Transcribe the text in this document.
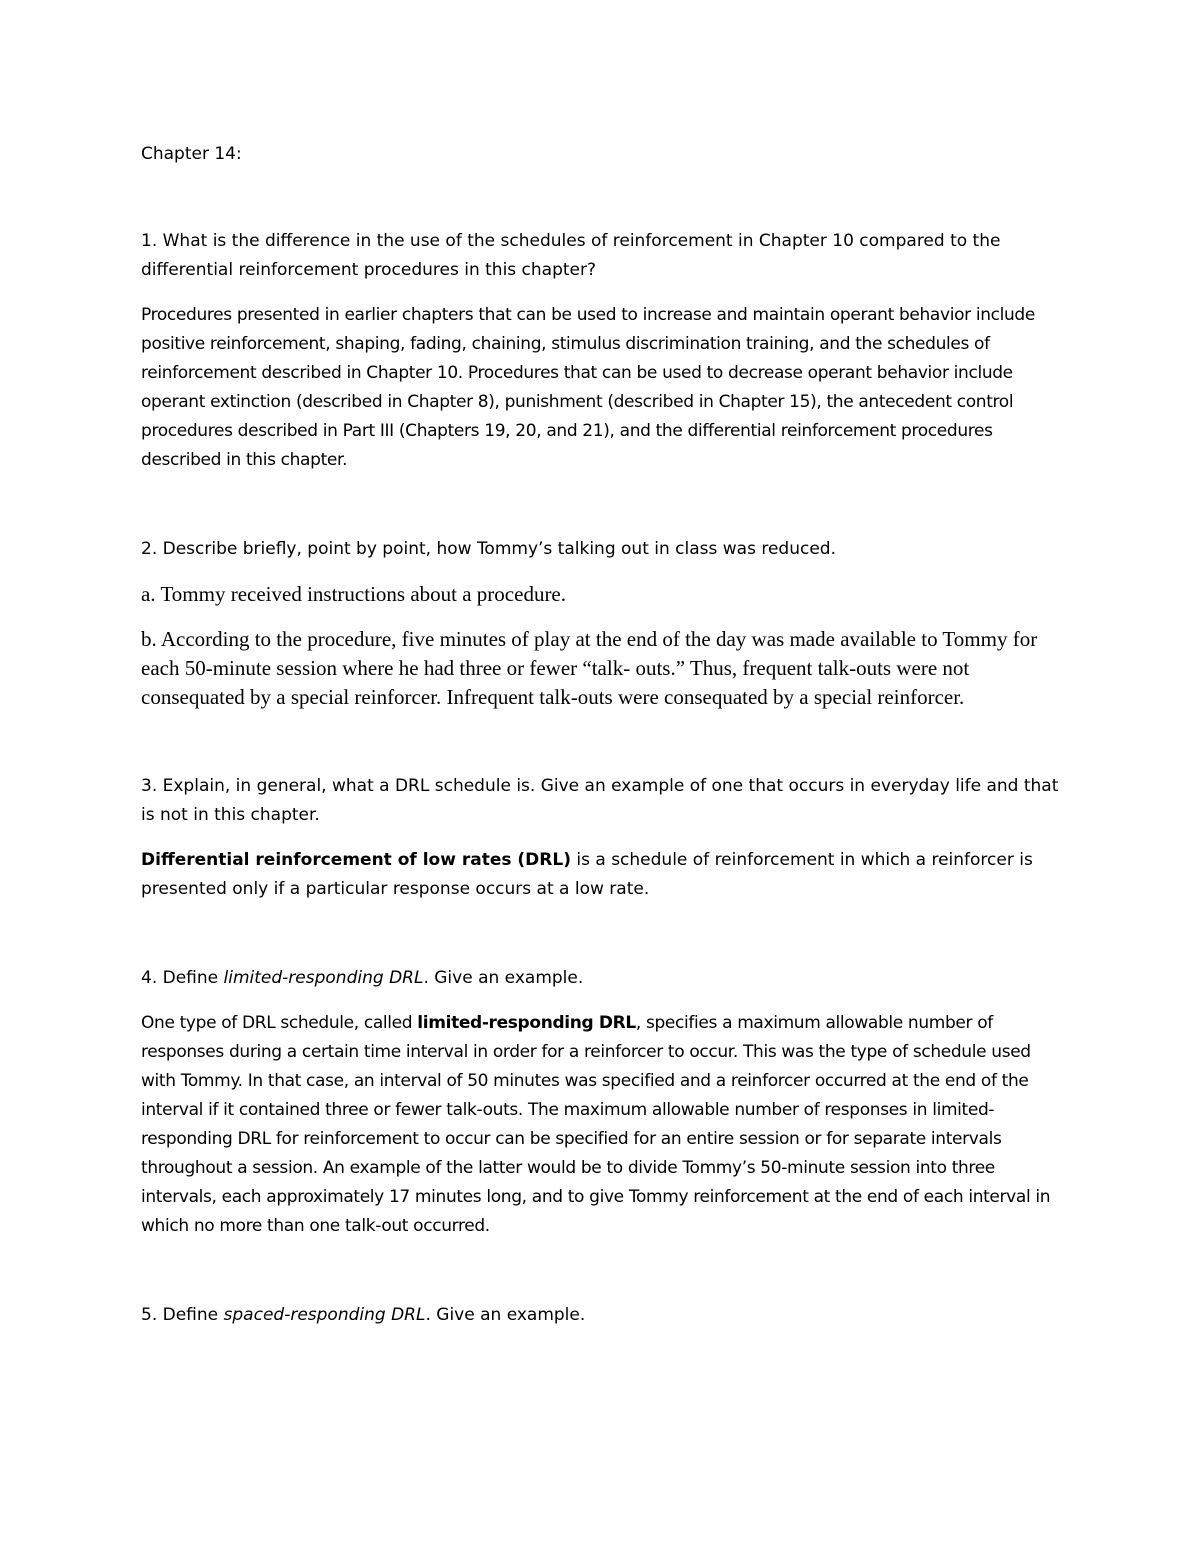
Chapter 14:

1. What is the difference in the use of the schedules of reinforcement in Chapter 10 compared to the differential reinforcement procedures in this chapter?

Procedures presented in earlier chapters that can be used to increase and maintain operant behavior include positive reinforcement, shaping, fading, chaining, stimulus discrimination training, and the schedules of reinforcement described in Chapter 10. Procedures that can be used to decrease operant behavior include operant extinction (described in Chapter 8), punishment (described in Chapter 15), the antecedent control procedures described in Part III (Chapters 19, 20, and 21), and the differential reinforcement procedures described in this chapter.

2. Describe briefly, point by point, how Tommy’s talking out in class was reduced.

a. Tommy received instructions about a procedure.

b. According to the procedure, five minutes of play at the end of the day was made available to Tommy for each 50-minute session where he had three or fewer “talk- outs.” Thus, frequent talk-outs were not consequated by a special reinforcer. Infrequent talk-outs were consequated by a special reinforcer.

3. Explain, in general, what a DRL schedule is. Give an example of one that occurs in everyday life and that is not in this chapter.

Differential reinforcement of low rates (DRL) is a schedule of reinforcement in which a reinforcer is presented only if a particular response occurs at a low rate.

4. Define limited-responding DRL. Give an example.

One type of DRL schedule, called limited-responding DRL, specifies a maximum allowable number of responses during a certain time interval in order for a reinforcer to occur. This was the type of schedule used with Tommy. In that case, an interval of 50 minutes was specified and a reinforcer occurred at the end of the interval if it contained three or fewer talk-outs. The maximum allowable number of responses in limited-responding DRL for reinforcement to occur can be specified for an entire session or for separate intervals throughout a session. An example of the latter would be to divide Tommy’s 50-minute session into three intervals, each approximately 17 minutes long, and to give Tommy reinforcement at the end of each interval in which no more than one talk-out occurred.

5. Define spaced-responding DRL. Give an example.
